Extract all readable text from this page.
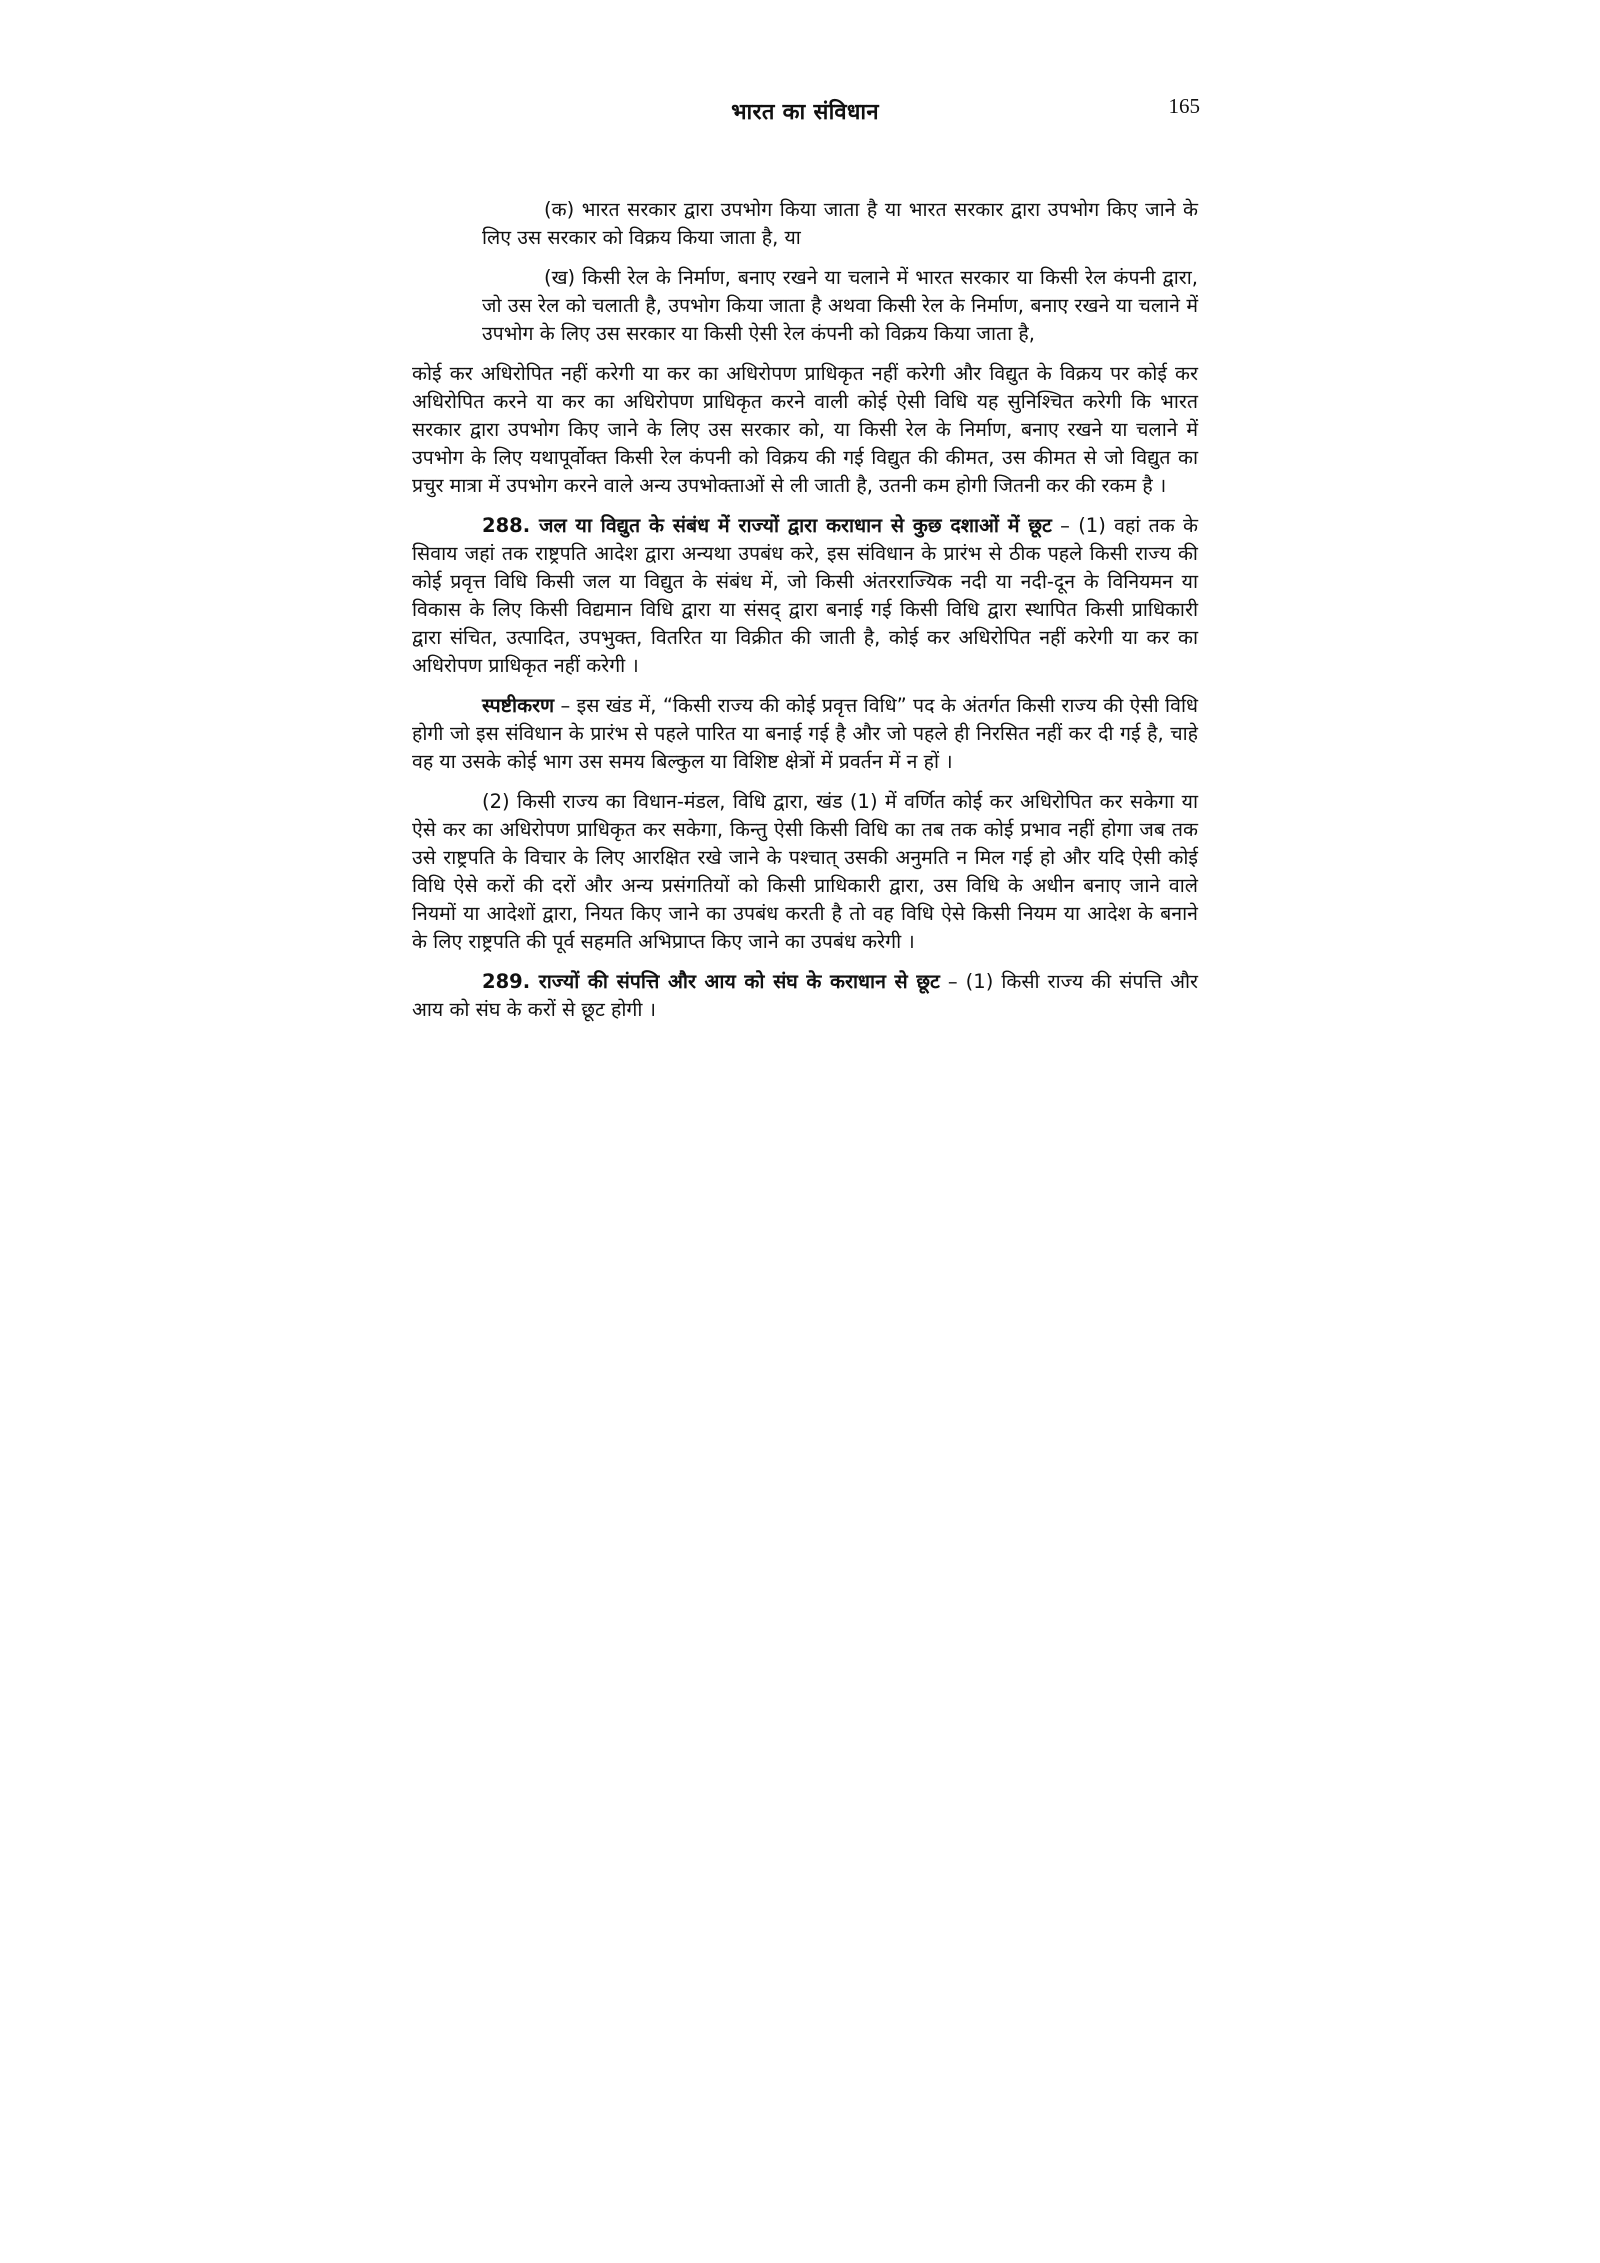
भारत का संविधान	165

(क) भारत सरकार द्वारा उपभोग किया जाता है या भारत सरकार द्वारा उपभोग किए जाने के लिए उस सरकार को विक्रय किया जाता है, या

(ख) किसी रेल के निर्माण, बनाए रखने या चलाने में भारत सरकार या किसी रेल कंपनी द्वारा, जो उस रेल को चलाती है, उपभोग किया जाता है अथवा किसी रेल के निर्माण, बनाए रखने या चलाने में उपभोग के लिए उस सरकार या किसी ऐसी रेल कंपनी को विक्रय किया जाता है,

कोई कर अधिरोपित नहीं करेगी या कर का अधिरोपण प्राधिकृत नहीं करेगी और विद्युत के विक्रय पर कोई कर अधिरोपित करने या कर का अधिरोपण प्राधिकृत करने वाली कोई ऐसी विधि यह सुनिश्चित करेगी कि भारत सरकार द्वारा उपभोग किए जाने के लिए उस सरकार को, या किसी रेल के निर्माण, बनाए रखने या चलाने में उपभोग के लिए यथापूर्वोक्त किसी रेल कंपनी को विक्रय की गई विद्युत की कीमत, उस कीमत से जो विद्युत का प्रचुर मात्रा में उपभोग करने वाले अन्य उपभोक्ताओं से ली जाती है, उतनी कम होगी जितनी कर की रकम है ।

288. जल या विद्युत के संबंध में राज्यों द्वारा कराधान से कुछ दशाओं में छूट – (1) वहां तक के सिवाय जहां तक राष्ट्रपति आदेश द्वारा अन्यथा उपबंध करे, इस संविधान के प्रारंभ से ठीक पहले किसी राज्य की कोई प्रवृत्त विधि किसी जल या विद्युत के संबंध में, जो किसी अंतरराज्यिक नदी या नदी-दून के विनियमन या विकास के लिए किसी विद्यमान विधि द्वारा या संसद् द्वारा बनाई गई किसी विधि द्वारा स्थापित किसी प्राधिकारी द्वारा संचित, उत्पादित, उपभुक्त, वितरित या विक्रीत की जाती है, कोई कर अधिरोपित नहीं करेगी या कर का अधिरोपण प्राधिकृत नहीं करेगी ।

स्पष्टीकरण – इस खंड में, “किसी राज्य की कोई प्रवृत्त विधि” पद के अंतर्गत किसी राज्य की ऐसी विधि होगी जो इस संविधान के प्रारंभ से पहले पारित या बनाई गई है और जो पहले ही निरसित नहीं कर दी गई है, चाहे वह या उसके कोई भाग उस समय बिल्कुल या विशिष्ट क्षेत्रों में प्रवर्तन में न हों ।

(2) किसी राज्य का विधान-मंडल, विधि द्वारा, खंड (1) में वर्णित कोई कर अधिरोपित कर सकेगा या ऐसे कर का अधिरोपण प्राधिकृत कर सकेगा, किन्तु ऐसी किसी विधि का तब तक कोई प्रभाव नहीं होगा जब तक उसे राष्ट्रपति के विचार के लिए आरक्षित रखे जाने के पश्चात् उसकी अनुमति न मिल गई हो और यदि ऐसी कोई विधि ऐसे करों की दरों और अन्य प्रसंगतियों को किसी प्राधिकारी द्वारा, उस विधि के अधीन बनाए जाने वाले नियमों या आदेशों द्वारा, नियत किए जाने का उपबंध करती है तो वह विधि ऐसे किसी नियम या आदेश के बनाने के लिए राष्ट्रपति की पूर्व सहमति अभिप्राप्त किए जाने का उपबंध करेगी ।

289. राज्यों की संपत्ति और आय को संघ के कराधान से छूट – (1) किसी राज्य की संपत्ति और आय को संघ के करों से छूट होगी ।
